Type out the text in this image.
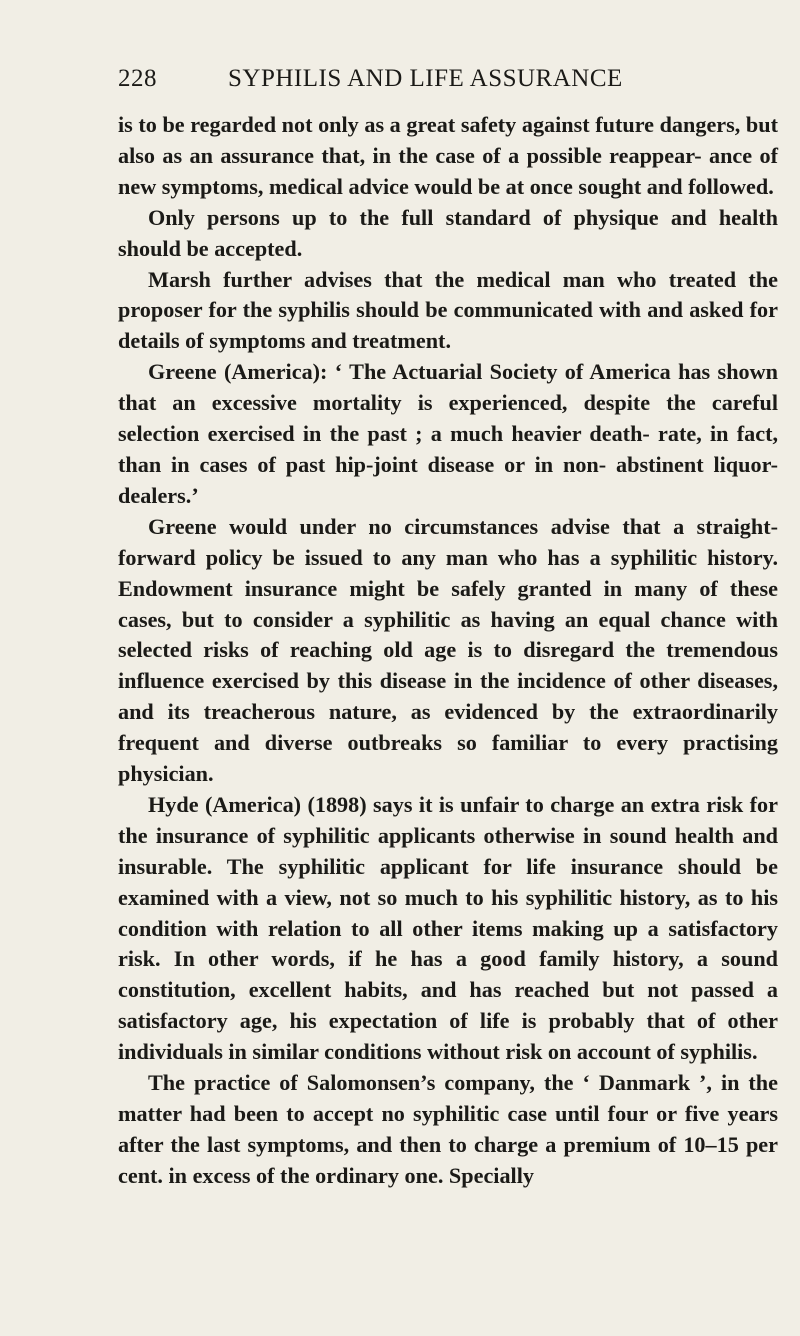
228	SYPHILIS AND LIFE ASSURANCE

is to be regarded not only as a great safety against future dangers, but also as an assurance that, in the case of a possible reappear- ance of new symptoms, medical advice would be at once sought and followed.

Only persons up to the full standard of physique and health should be accepted.

Marsh further advises that the medical man who treated the proposer for the syphilis should be communicated with and asked for details of symptoms and treatment.

Greene (America): ‘ The Actuarial Society of America has shown that an excessive mortality is experienced, despite the careful selection exercised in the past ; a much heavier death- rate, in fact, than in cases of past hip-joint disease or in non- abstinent liquor-dealers.’

Greene would under no circumstances advise that a straight- forward policy be issued to any man who has a syphilitic history. Endowment insurance might be safely granted in many of these cases, but to consider a syphilitic as having an equal chance with selected risks of reaching old age is to disregard the tremendous influence exercised by this disease in the incidence of other diseases, and its treacherous nature, as evidenced by the extraordinarily frequent and diverse outbreaks so familiar to every practising physician.

Hyde (America) (1898) says it is unfair to charge an extra risk for the insurance of syphilitic applicants otherwise in sound health and insurable. The syphilitic applicant for life insurance should be examined with a view, not so much to his syphilitic history, as to his condition with relation to all other items making up a satisfactory risk. In other words, if he has a good family history, a sound constitution, excellent habits, and has reached but not passed a satisfactory age, his expectation of life is probably that of other individuals in similar conditions without risk on account of syphilis.

The practice of Salomonsen’s company, the ‘ Danmark ’, in the matter had been to accept no syphilitic case until four or five years after the last symptoms, and then to charge a premium of 10–15 per cent. in excess of the ordinary one. Specially
